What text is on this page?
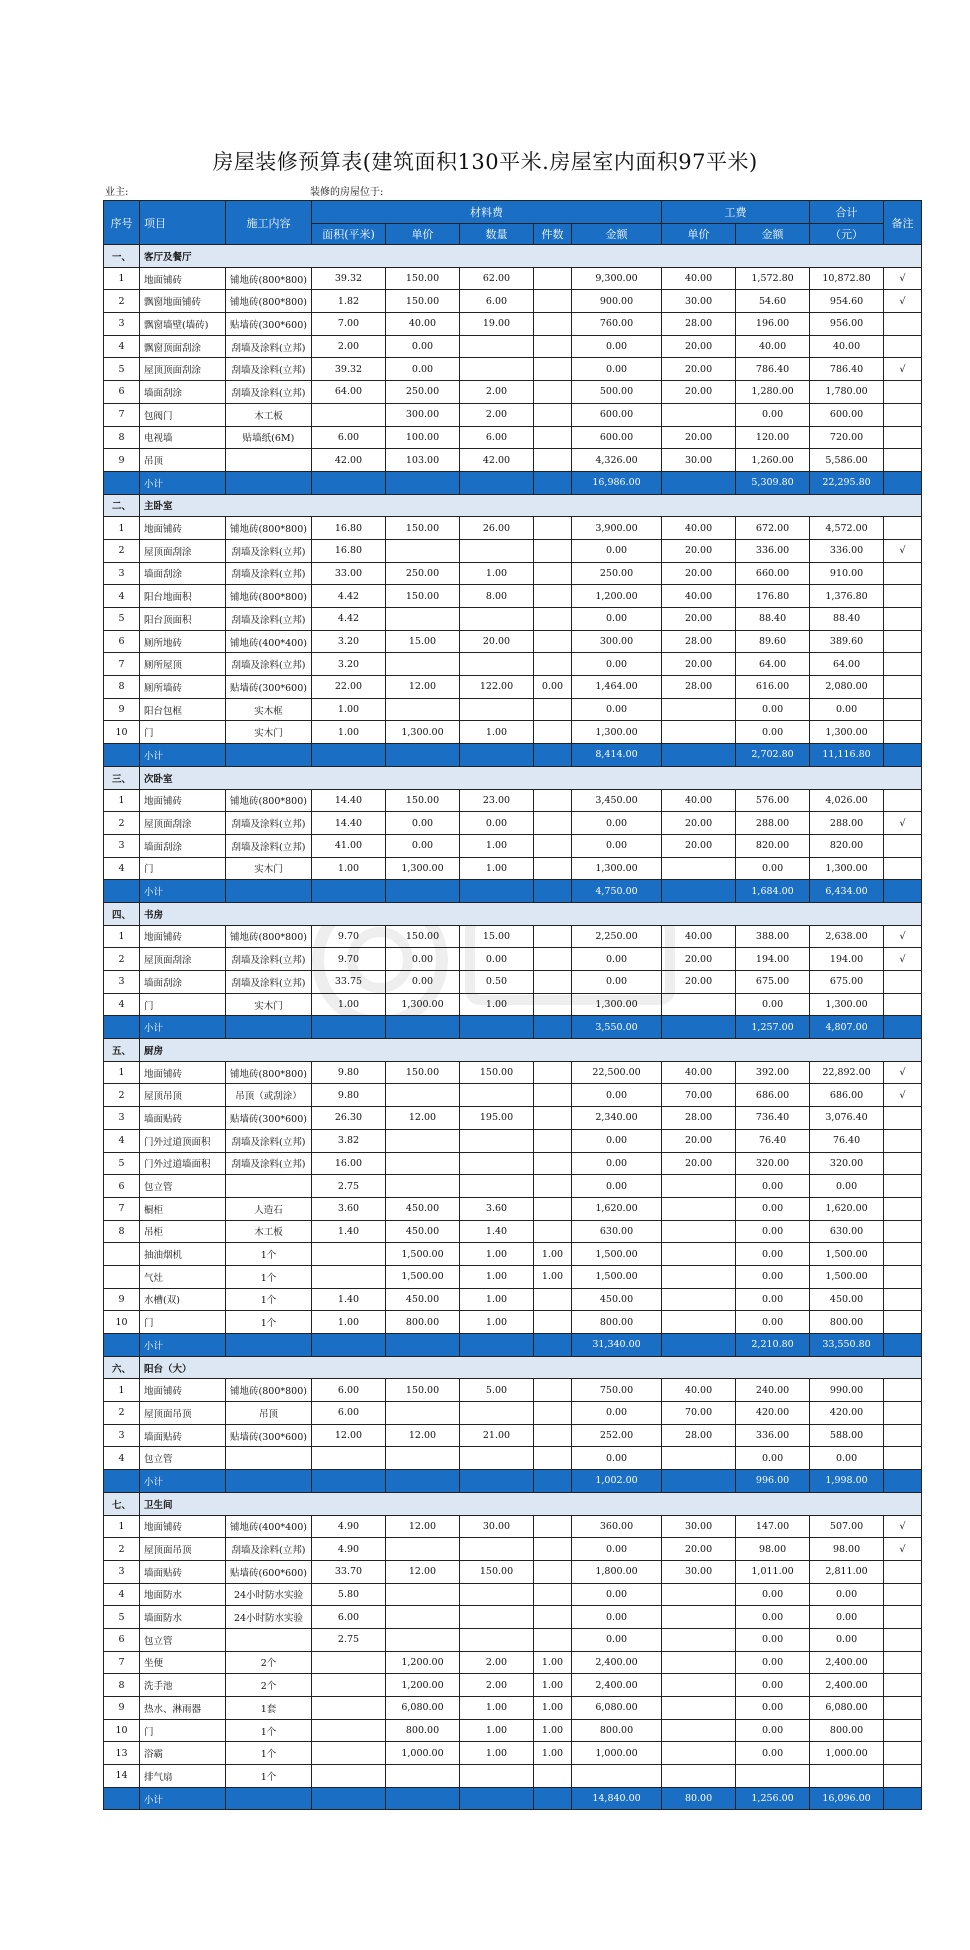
房屋装修预算表(建筑面积130平米.房屋室内面积97平米)
业主:	装修的房屋位于:
序号	项目	施工内容	材料费					工费		合计	备注
			面积(平米)	单价	数量	件数	金额	单价	金额	（元）	
一、	客厅及餐厅										
1	地面铺砖	铺地砖(800*800)	39.32	150.00	62.00		9,300.00	40.00	1,572.80	10,872.80	√
2	飘窗地面铺砖	铺地砖(800*800)	1.82	150.00	6.00		900.00	30.00	54.60	954.60	√
3	飘窗墙壁(墙砖)	贴墙砖(300*600)	7.00	40.00	19.00		760.00	28.00	196.00	956.00	
4	飘窗顶面刮涂	刮墙及涂料(立邦)	2.00	0.00			0.00	20.00	40.00	40.00	
5	屋顶顶面刮涂	刮墙及涂料(立邦)	39.32	0.00			0.00	20.00	786.40	786.40	√
6	墙面刮涂	刮墙及涂料(立邦)	64.00	250.00	2.00		500.00	20.00	1,280.00	1,780.00	
7	包阀门	木工板		300.00	2.00		600.00		0.00	600.00	
8	电视墙	贴墙纸(6M)	6.00	100.00	6.00		600.00	20.00	120.00	720.00	
9	吊顶		42.00	103.00	42.00		4,326.00	30.00	1,260.00	5,586.00	
	小计						16,986.00		5,309.80	22,295.80	
二、	主卧室										
1	地面铺砖	铺地砖(800*800)	16.80	150.00	26.00		3,900.00	40.00	672.00	4,572.00	
2	屋顶面刮涂	刮墙及涂料(立邦)	16.80				0.00	20.00	336.00	336.00	√
3	墙面刮涂	刮墙及涂料(立邦)	33.00	250.00	1.00		250.00	20.00	660.00	910.00	
4	阳台地面积	铺地砖(800*800)	4.42	150.00	8.00		1,200.00	40.00	176.80	1,376.80	
5	阳台顶面积	刮墙及涂料(立邦)	4.42				0.00	20.00	88.40	88.40	
6	厕所地砖	铺地砖(400*400)	3.20	15.00	20.00		300.00	28.00	89.60	389.60	
7	厕所屋顶	刮墙及涂料(立邦)	3.20				0.00	20.00	64.00	64.00	
8	厕所墙砖	贴墙砖(300*600)	22.00	12.00	122.00	0.00	1,464.00	28.00	616.00	2,080.00	
9	阳台包框	实木框	1.00				0.00		0.00	0.00	
10	门	实木门	1.00	1,300.00	1.00		1,300.00		0.00	1,300.00	
	小计						8,414.00		2,702.80	11,116.80	
三、	次卧室										
1	地面铺砖	铺地砖(800*800)	14.40	150.00	23.00		3,450.00	40.00	576.00	4,026.00	
2	屋顶面刮涂	刮墙及涂料(立邦)	14.40	0.00	0.00		0.00	20.00	288.00	288.00	√
3	墙面刮涂	刮墙及涂料(立邦)	41.00	0.00	1.00		0.00	20.00	820.00	820.00	
4	门	实木门	1.00	1,300.00	1.00		1,300.00		0.00	1,300.00	
	小计						4,750.00		1,684.00	6,434.00	
四、	书房										
1	地面铺砖	铺地砖(800*800)	9.70	150.00	15.00		2,250.00	40.00	388.00	2,638.00	√
2	屋顶面刮涂	刮墙及涂料(立邦)	9.70	0.00	0.00		0.00	20.00	194.00	194.00	√
3	墙面刮涂	刮墙及涂料(立邦)	33.75	0.00	0.50		0.00	20.00	675.00	675.00	
4	门	实木门	1.00	1,300.00	1.00		1,300.00		0.00	1,300.00	
	小计						3,550.00		1,257.00	4,807.00	
五、	厨房										
1	地面铺砖	铺地砖(800*800)	9.80	150.00	150.00		22,500.00	40.00	392.00	22,892.00	√
2	屋顶吊顶	吊顶（或刮涂）	9.80				0.00	70.00	686.00	686.00	√
3	墙面贴砖	贴墙砖(300*600)	26.30	12.00	195.00		2,340.00	28.00	736.40	3,076.40	
4	门外过道顶面积	刮墙及涂料(立邦)	3.82				0.00	20.00	76.40	76.40	
5	门外过道墙面积	刮墙及涂料(立邦)	16.00				0.00	20.00	320.00	320.00	
6	包立管		2.75				0.00		0.00	0.00	
7	橱柜	人造石	3.60	450.00	3.60		1,620.00		0.00	1,620.00	
8	吊柜	木工板	1.40	450.00	1.40		630.00		0.00	630.00	
	抽油烟机	1个		1,500.00	1.00	1.00	1,500.00		0.00	1,500.00	
	气灶	1个		1,500.00	1.00	1.00	1,500.00		0.00	1,500.00	
9	水槽(双)	1个	1.40	450.00	1.00		450.00		0.00	450.00	
10	门	1个	1.00	800.00	1.00		800.00		0.00	800.00	
	小计						31,340.00		2,210.80	33,550.80	
六、	阳台（大）										
1	地面铺砖	铺地砖(800*800)	6.00	150.00	5.00		750.00	40.00	240.00	990.00	
2	屋顶面吊顶	吊顶	6.00				0.00	70.00	420.00	420.00	
3	墙面贴砖	贴墙砖(300*600)	12.00	12.00	21.00		252.00	28.00	336.00	588.00	
4	包立管						0.00		0.00	0.00	
	小计						1,002.00		996.00	1,998.00	
七、	卫生间										
1	地面铺砖	铺地砖(400*400)	4.90	12.00	30.00		360.00	30.00	147.00	507.00	√
2	屋顶面吊顶	刮墙及涂料(立邦)	4.90				0.00	20.00	98.00	98.00	√
3	墙面贴砖	贴墙砖(600*600)	33.70	12.00	150.00		1,800.00	30.00	1,011.00	2,811.00	
4	地面防水	24小时防水实验	5.80				0.00		0.00	0.00	
5	墙面防水	24小时防水实验	6.00				0.00		0.00	0.00	
6	包立管		2.75				0.00		0.00	0.00	
7	坐便	2个		1,200.00	2.00	1.00	2,400.00		0.00	2,400.00	
8	洗手池	2个		1,200.00	2.00	1.00	2,400.00		0.00	2,400.00	
9	热水、淋雨器	1套		6,080.00	1.00	1.00	6,080.00		0.00	6,080.00	
10	门	1个		800.00	1.00	1.00	800.00		0.00	800.00	
13	浴霸	1个		1,000.00	1.00	1.00	1,000.00		0.00	1,000.00	
14	排气扇	1个									
	小计						14,840.00	80.00	1,256.00	16,096.00	
